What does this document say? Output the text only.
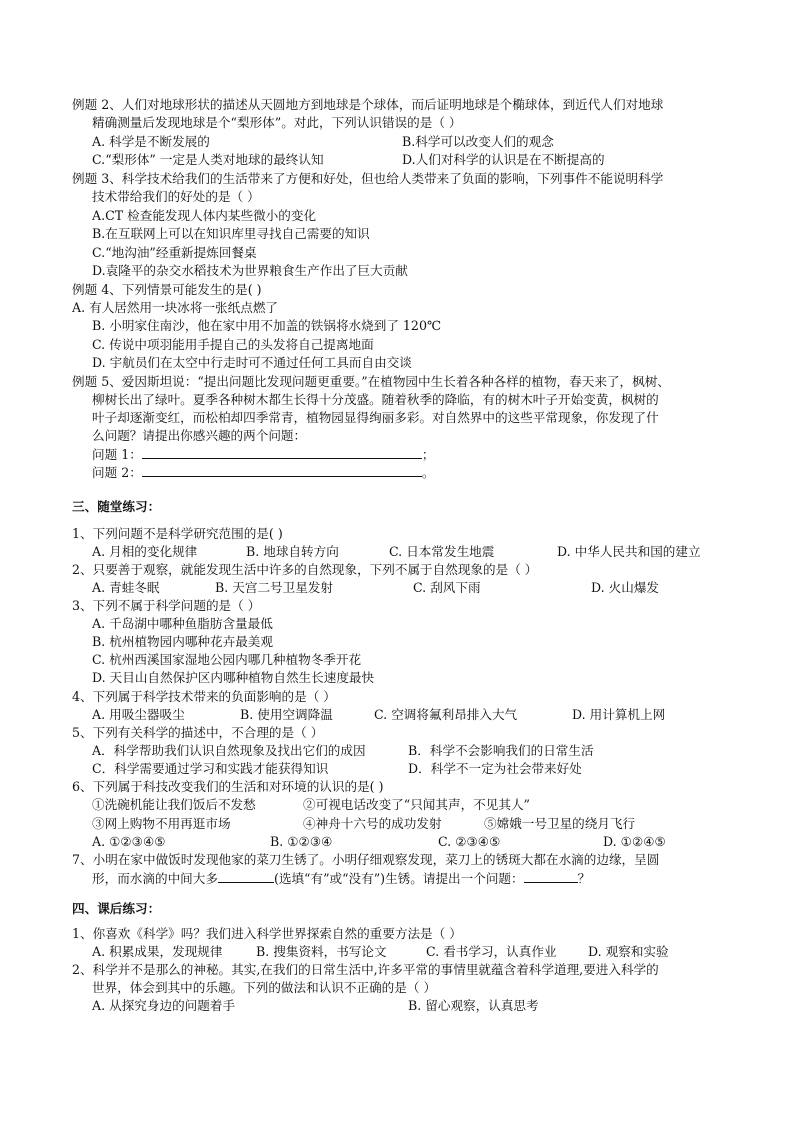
例题 2、人们对地球形状的描述从天圆地方到地球是个球体，而后证明地球是个椭球体，到近代人们对地球
精确测量后发现地球是个“梨形体”。对此，下列认识错误的是（ ）
A. 科学是不断发展的	B.科学可以改变人们的观念
C.“梨形体” 一定是人类对地球的最终认知	D.人们对科学的认识是在不断提高的
例题 3、科学技术给我们的生活带来了方便和好处，但也给人类带来了负面的影响，下列事件不能说明科学
技术带给我们的好处的是（ ）
A.CT 检查能发现人体内某些微小的变化
B.在互联网上可以在知识库里寻找自己需要的知识
C.“地沟油”经重新提炼回餐桌
D.袁隆平的杂交水稻技术为世界粮食生产作出了巨大贡献
例题 4、下列情景可能发生的是( )
A. 有人居然用一块冰将一张纸点燃了
B. 小明家住南沙，他在家中用不加盖的铁锅将水烧到了 120℃
C. 传说中项羽能用手提自己的头发将自己提离地面
D. 宇航员们在太空中行走时可不通过任何工具而自由交谈
例题 5、爱因斯坦说：“提出问题比发现问题更重要。”在植物园中生长着各种各样的植物，春天来了，枫树、
柳树长出了绿叶。夏季各种树木都生长得十分茂盛。随着秋季的降临，有的树木叶子开始变黄，枫树的
叶子却逐渐变红，而松柏却四季常青，植物园显得绚丽多彩。对自然界中的这些平常现象，你发现了什
么问题？请提出你感兴趣的两个问题：
问题 1：	；
问题 2：	。
三、随堂练习：
1、下列问题不是科学研究范围的是( )
A. 月相的变化规律	B. 地球自转方向	C. 日本常发生地震	D. 中华人民共和国的建立
2、只要善于观察，就能发现生活中许多的自然现象，下列不属于自然现象的是（ ）
A. 青蛙冬眠	B. 天宫二号卫星发射	C. 刮风下雨	D. 火山爆发
3、下列不属于科学问题的是（ ）
A. 千岛湖中哪种鱼脂肪含量最低
B. 杭州植物园内哪种花卉最美观
C. 杭州西溪国家湿地公园内哪几种植物冬季开花
D. 天目山自然保护区内哪种植物自然生长速度最快
4、下列属于科学技术带来的负面影响的是（ ）
A. 用吸尘器吸尘	B. 使用空调降温	C. 空调将氟利昂排入大气	D. 用计算机上网
5、下列有关科学的描述中，不合理的是（ ）
A．科学帮助我们认识自然现象及找出它们的成因	B．科学不会影响我们的日常生活
C．科学需要通过学习和实践才能获得知识	D．科学不一定为社会带来好处
6、下列属于科技改变我们的生活和对环境的认识的是( )
①洗碗机能让我们饭后不发愁	②可视电话改变了“只闻其声，不见其人”
③网上购物不用再逛市场	④神舟十六号的成功发射	⑤嫦娥一号卫星的绕月飞行
A. ①②③④⑤	B. ①②③④	C. ②③④⑤	D. ①②④⑤
7、小明在家中做饭时发现他家的菜刀生锈了。小明仔细观察发现，菜刀上的锈斑大都在水滴的边缘，呈圆
形，而水滴的中间大多	(选填“有”或“没有”)生锈。请提出一个问题：	？
四、课后练习：
1、你喜欢《科学》吗？我们进入科学世界探索自然的重要方法是（ ）
A. 积累成果，发现规律	B. 搜集资料，书写论文	C. 看书学习，认真作业 D. 观察和实验
2、科学并不是那么的神秘。其实,在我们的日常生活中,许多平常的事情里就蕴含着科学道理,要进入科学的
世界，体会到其中的乐趣。下列的做法和认识不正确的是（ ）
A. 从探究身边的问题着手	B. 留心观察，认真思考
